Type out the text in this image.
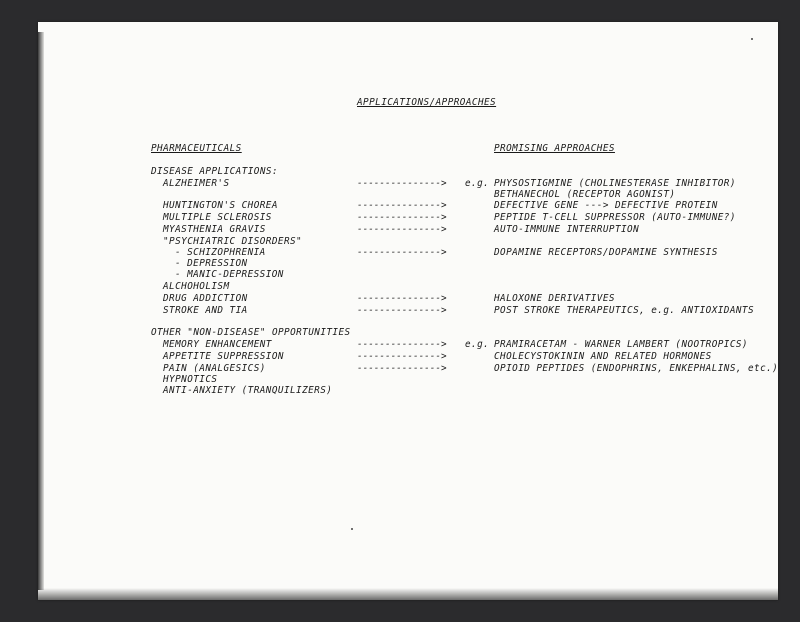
APPLICATIONS/APPROACHES
PHARMACEUTICALS	PROMISING APPROACHES
DISEASE APPLICATIONS:
ALZHEIMER'S	---------------> e.g. PHYSOSTIGMINE (CHOLINESTERASE INHIBITOR)
BETHANECHOL (RECEPTOR AGONIST)
HUNTINGTON'S CHOREA	--------------->	DEFECTIVE GENE ---> DEFECTIVE PROTEIN
MULTIPLE SCLEROSIS	--------------->	PEPTIDE T-CELL SUPPRESSOR (AUTO-IMMUNE?)
MYASTHENIA GRAVIS	--------------->	AUTO-IMMUNE INTERRUPTION
"PSYCHIATRIC DISORDERS"
- SCHIZOPHRENIA	--------------->	DOPAMINE RECEPTORS/DOPAMINE SYNTHESIS
- DEPRESSION
- MANIC-DEPRESSION
ALCHOHOLISM
DRUG ADDICTION	--------------->	HALOXONE DERIVATIVES
STROKE AND TIA	--------------->	POST STROKE THERAPEUTICS, e.g. ANTIOXIDANTS
OTHER "NON-DISEASE" OPPORTUNITIES
MEMORY ENHANCEMENT	---------------> e.g. PRAMIRACETAM - WARNER LAMBERT (NOOTROPICS)
APPETITE SUPPRESSION	--------------->	CHOLECYSTOKININ AND RELATED HORMONES
PAIN (ANALGESICS)	--------------->	OPIOID PEPTIDES (ENDOPHRINS, ENKEPHALINS, etc.)
HYPNOTICS
ANTI-ANXIETY (TRANQUILIZERS)
